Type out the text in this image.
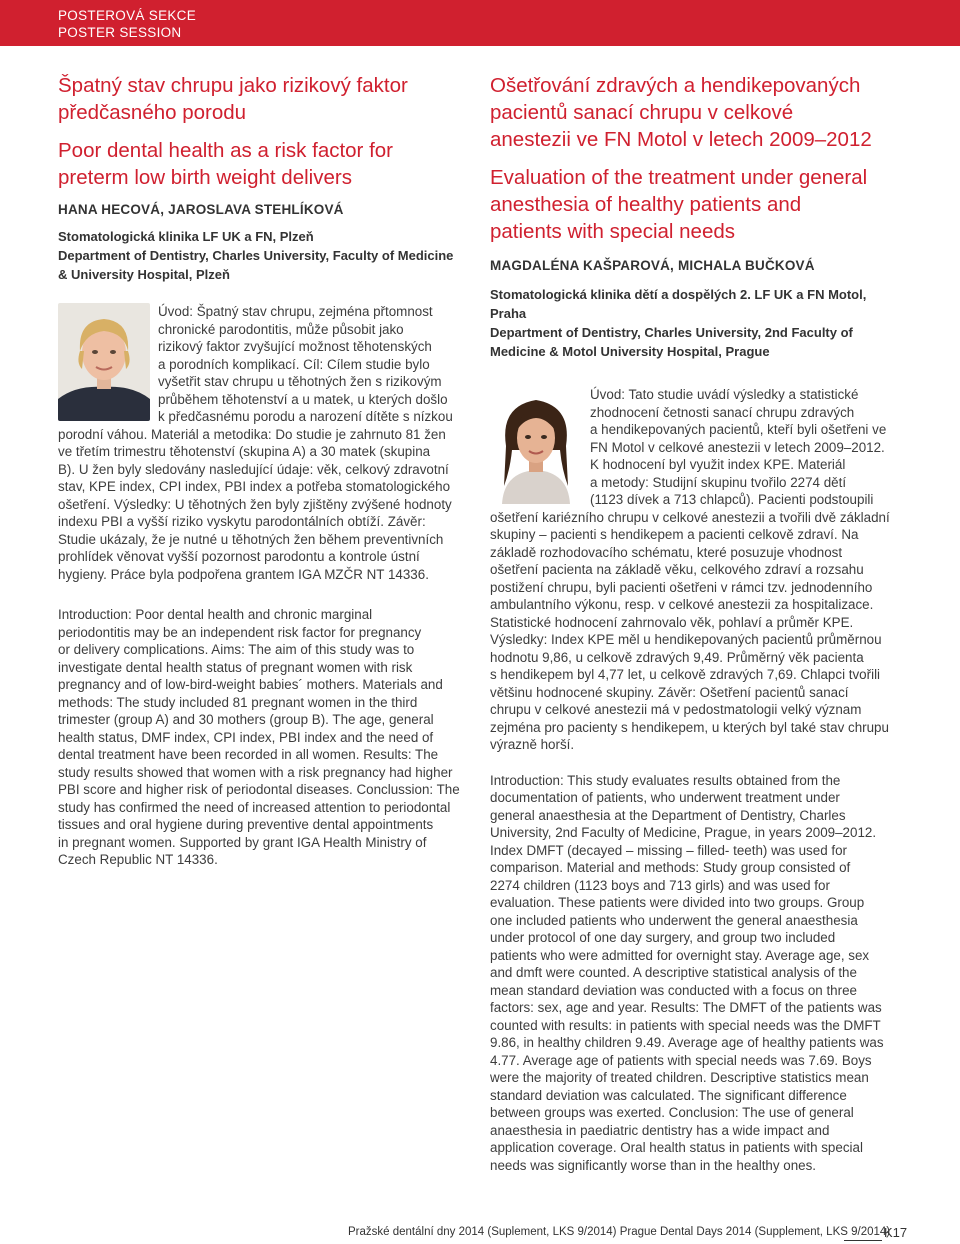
POSTEROVÁ SEKCE
POSTER SESSION
Špatný stav chrupu jako rizikový faktor
předčasného porodu
Poor dental health as a risk factor for
preterm low birth weight delivers
HANA HECOVÁ, JAROSLAVA STEHLÍKOVÁ
Stomatologická klinika LF UK a FN, Plzeň
Department of Dentistry, Charles University, Faculty of Medicine
& University Hospital, Plzeň
Úvod: Špatný stav chrupu, zejména přtomnost
chronické parodontitis, může působit jako
rizikový faktor zvyšující možnost těhotenských
a porodních komplikací. Cíl: Cílem studie bylo
vyšetřit stav chrupu u těhotných žen s rizikovým
průběhem těhotenství a u matek, u kterých došlo
k předčasnému porodu a narození dítěte s nízkou
porodní váhou. Materiál a metodika: Do studie je zahrnuto 81 žen
ve třetím trimestru těhotenství (skupina A) a 30 matek (skupina
B). U žen byly sledovány nasledující údaje: věk, celkový zdravotní
stav, KPE index, CPI index, PBI index a potřeba stomatologického
ošetření. Výsledky: U těhotných žen byly zjištěny zvýšené hodnoty
indexu PBI a vyšší riziko vyskytu parodontálních obtíží. Závěr:
Studie ukázaly, že je nutné u těhotných žen během preventivních
prohlídek věnovat vyšší pozornost parodontu a kontrole ústní
hygieny. Práce byla podpořena grantem IGA MZČR NT 14336.
Introduction: Poor dental health and chronic marginal
periodontitis may be an independent risk factor for pregnancy
or delivery complications. Aims: The aim of this study was to
investigate dental health status of pregnant women with risk
pregnancy and of low-bird-weight babies´ mothers. Materials and
methods: The study included 81 pregnant women in the third
trimester (group A) and 30 mothers (group B). The age, general
health status, DMF index, CPI index, PBI index and the need of
dental treatment have been recorded in all women. Results: The
study results showed that women with a risk pregnancy had higher
PBI score and higher risk of periodontal diseases. Conclussion: The
study has confirmed the need of increased attention to periodontal
tissues and oral hygiene during preventive dental appointments
in pregnant women. Supported by grant IGA Health Ministry of
Czech Republic NT 14336.
Ošetřování zdravých a hendikepovaných
pacientů sanací chrupu v celkové
anestezii ve FN Motol v letech 2009–2012
Evaluation of the treatment under general
anesthesia of healthy patients and
patients with special needs
MAGDALÉNA KAŠPAROVÁ, MICHALA BUČKOVÁ
Stomatologická klinika dětí a dospělých 2. LF UK a FN Motol,
Praha
Department of Dentistry, Charles University, 2nd Faculty of
Medicine & Motol University Hospital, Prague
Úvod: Tato studie uvádí výsledky a statistické
zhodnocení četnosti sanací chrupu zdravých
a hendikepovaných pacientů, kteří byli ošetřeni ve
FN Motol v celkové anestezii v letech 2009–2012.
K hodnocení byl využit index KPE. Materiál
a metody: Studijní skupinu tvořilo 2274 dětí
(1123 dívek a 713 chlapců). Pacienti podstoupili
ošetření kariézního chrupu v celkové anestezii a tvořili dvě základní
skupiny – pacienti s hendikepem a pacienti celkově zdraví. Na
základě rozhodovacího schématu, které posuzuje vhodnost
ošetření pacienta na základě věku, celkového zdraví a rozsahu
postižení chrupu, byli pacienti ošetřeni v rámci tzv. jednodenního
ambulantního výkonu, resp. v celkové anestezii za hospitalizace.
Statistické hodnocení zahrnovalo věk, pohlaví a průměr KPE.
Výsledky: Index KPE měl u hendikepovaných pacientů průměrnou
hodnotu 9,86, u celkově zdravých 9,49. Průměrný věk pacienta
s hendikepem byl 4,77 let, u celkově zdravých 7,69. Chlapci tvořili
většinu hodnocené skupiny. Závěr: Ošetření pacientů sanací
chrupu v celkové anestezii má v pedostmatologii velký význam
zejména pro pacienty s hendikepem, u kterých byl také stav chrupu
výrazně horší.
Introduction: This study evaluates results obtained from the
documentation of patients, who underwent treatment under
general anaesthesia at the Department of Dentistry, Charles
University, 2nd Faculty of Medicine, Prague, in years 2009–2012.
Index DMFT (decayed – missing – filled- teeth) was used for
comparison. Material and methods: Study group consisted of
2274 children (1123 boys and 713 girls) and was used for
evaluation. These patients were divided into two groups. Group
one included patients who underwent the general anaesthesia
under protocol of one day surgery, and group two included
patients who were admitted for overnight stay. Average age, sex
and dmft were counted. A descriptive statistical analysis of the
mean standard deviation was conducted with a focus on three
factors: sex, age and year. Results: The DMFT of the patients was
counted with results: in patients with special needs was the DMFT
9.86, in healthy children 9.49. Average age of healthy patients was
4.77. Average age of patients with special needs was 7.69. Boys
were the majority of treated children. Descriptive statistics mean
standard deviation was calculated. The significant difference
between groups was exerted. Conclusion: The use of general
anaesthesia in paediatric dentistry has a wide impact and
application coverage. Oral health status in patients with special
needs was significantly worse than in the healthy ones.
Pražské dentální dny 2014 (Suplement, LKS 9/2014) Prague Dental Days 2014 (Supplement, LKS 9/2014)
K17
